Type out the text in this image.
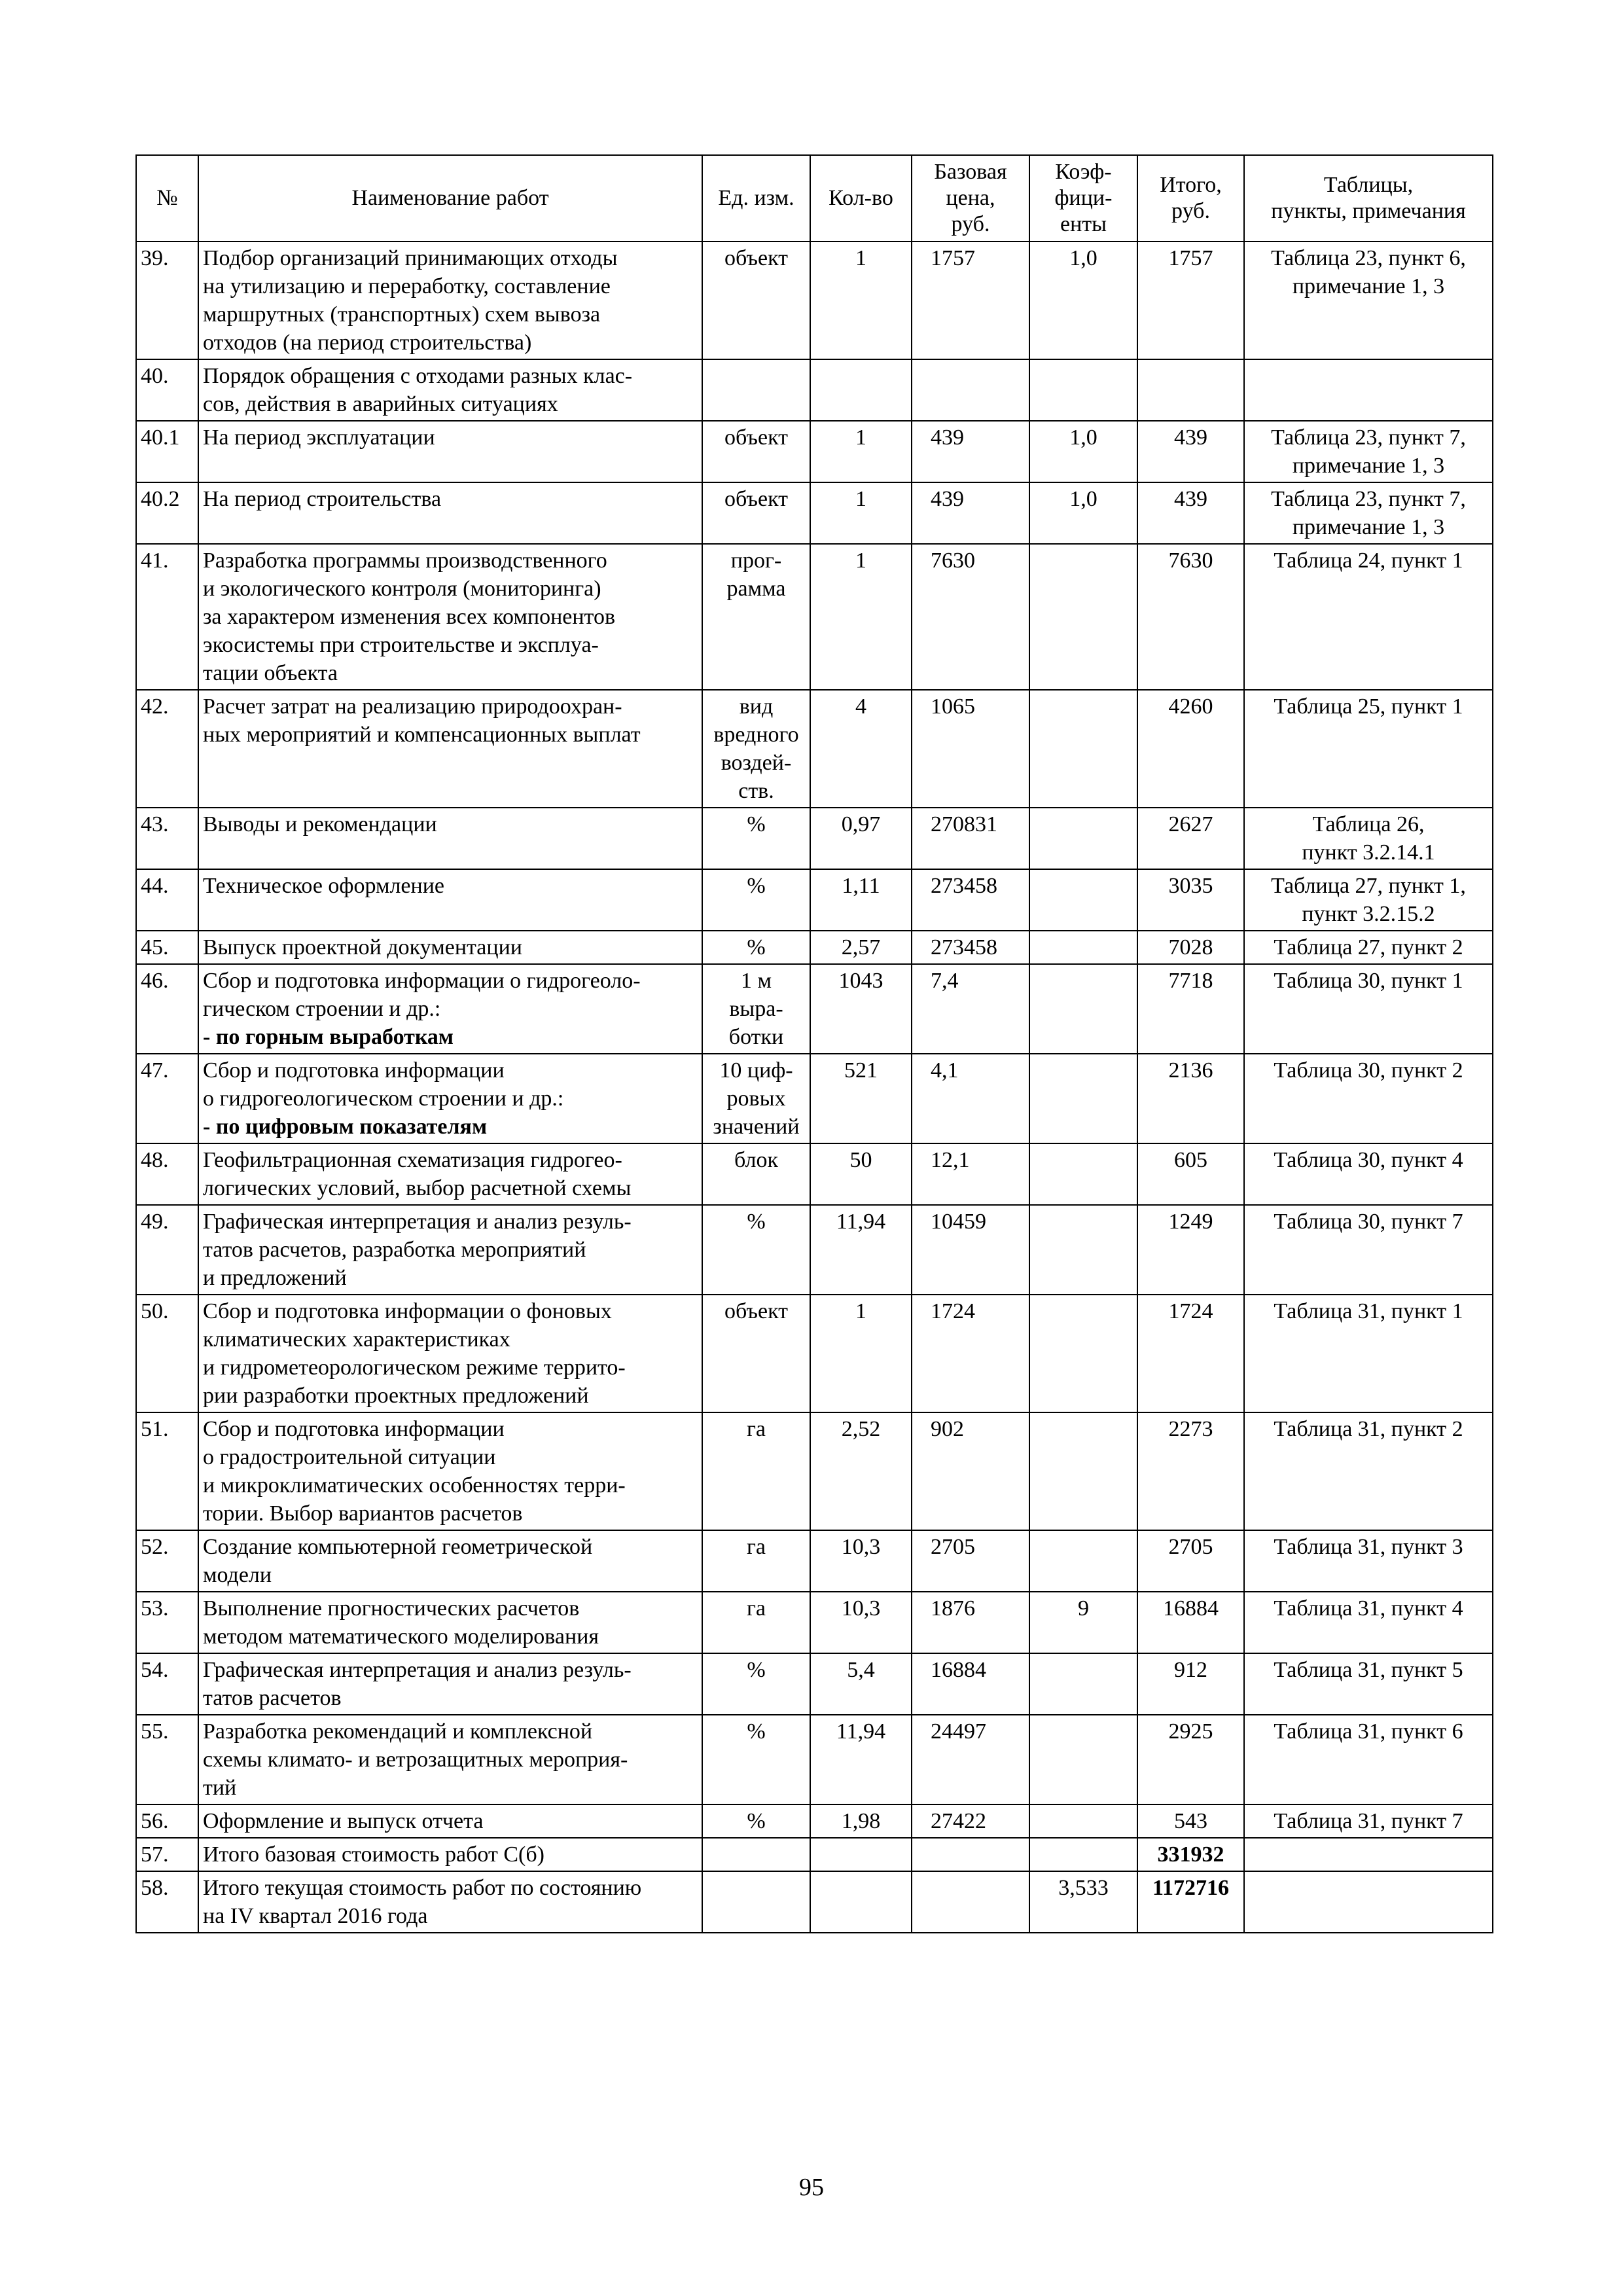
№	Наименование работ	Ед. изм.	Кол-во	Базовая
цена,
руб.	Коэф-
фици-
енты	Итого,
руб.	Таблицы,
пункты, примечания

39.	Подбор организаций принимающих отходы
на утилизацию и переработку, составление
маршрутных (транспортных) схем вывоза
отходов (на период строительства)	объект	1	1757	1,0	1757	Таблица 23, пункт 6,
примечание 1, 3

40.	Порядок обращения с отходами разных клас-
сов, действия в аварийных ситуациях						

40.1	На период эксплуатации	объект	1	439	1,0	439	Таблица 23, пункт 7,
примечание 1, 3

40.2	На период строительства	объект	1	439	1,0	439	Таблица 23, пункт 7,
примечание 1, 3

41.	Разработка программы производственного
и экологического контроля (мониторинга)
за характером изменения всех компонентов
экосистемы при строительстве и эксплуа-
тации объекта	прог-
рамма	1	7630		7630	Таблица 24, пункт 1

42.	Расчет затрат на реализацию природоохран-
ных мероприятий и компенсационных выплат	вид
вредного
воздей-
ств.	4	1065		4260	Таблица 25, пункт 1

43.	Выводы и рекомендации	%	0,97	270831		2627	Таблица 26,
пункт 3.2.14.1

44.	Техническое оформление	%	1,11	273458		3035	Таблица 27, пункт 1,
пункт 3.2.15.2

45.	Выпуск проектной документации	%	2,57	273458		7028	Таблица 27, пункт 2

46.	Сбор и подготовка информации о гидрогеоло-
гическом строении и др.:
- по горным выработкам	1 м
выра-
ботки	1043	7,4		7718	Таблица 30, пункт 1

47.	Сбор и подготовка информации
о гидрогеологическом строении и др.:
- по цифровым показателям	10 циф-
ровых
значений	521	4,1		2136	Таблица 30, пункт 2

48.	Геофильтрационная схематизация гидрогео-
логических условий, выбор расчетной схемы	блок	50	12,1		605	Таблица 30, пункт 4

49.	Графическая интерпретация и анализ резуль-
татов расчетов, разработка мероприятий
и предложений	%	11,94	10459		1249	Таблица 30, пункт 7

50.	Сбор и подготовка информации о фоновых
климатических характеристиках
и гидрометеорологическом режиме террито-
рии разработки проектных предложений	объект	1	1724		1724	Таблица 31, пункт 1

51.	Сбор и подготовка информации
о градостроительной ситуации
и микроклиматических особенностях терри-
тории. Выбор вариантов расчетов	га	2,52	902		2273	Таблица 31, пункт 2

52.	Создание компьютерной геометрической
модели	га	10,3	2705		2705	Таблица 31, пункт 3

53.	Выполнение прогностических расчетов
методом математического моделирования	га	10,3	1876	9	16884	Таблица 31, пункт 4

54.	Графическая интерпретация и анализ резуль-
татов расчетов	%	5,4	16884		912	Таблица 31, пункт 5

55.	Разработка рекомендаций и комплексной
схемы климато- и ветрозащитных мероприя-
тий	%	11,94	24497		2925	Таблица 31, пункт 6

56.	Оформление и выпуск отчета	%	1,98	27422		543	Таблица 31, пункт 7

57.	Итого базовая стоимость работ С(б)					331932	

58.	Итого текущая стоимость работ по состоянию
на IV квартал 2016 года				3,533	1172716	
95
